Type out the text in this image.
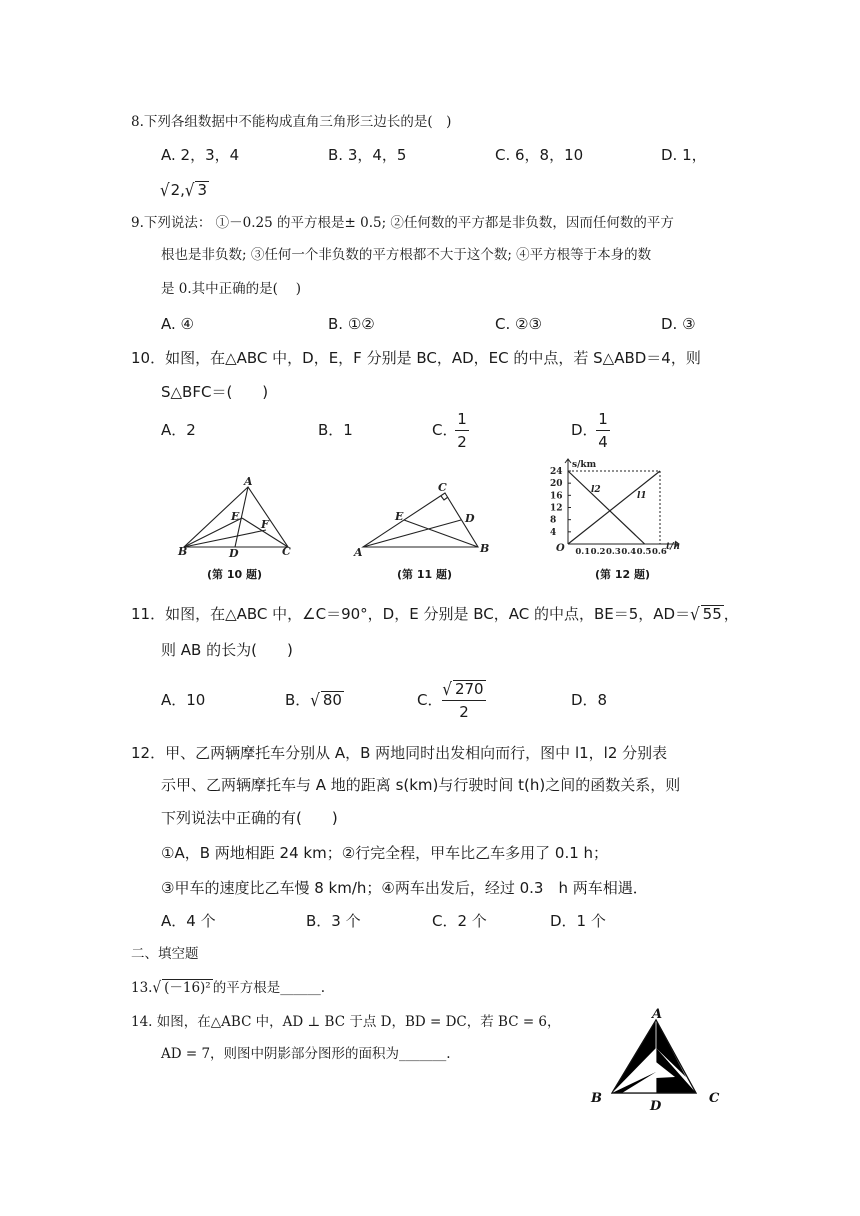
8.下列各组数据中不能构成直角三角形三边长的是(　)
A. 2，3，4	B. 3，4，5	C. 6，8，10	D. 1，
√2,√ 3
9.下列说法： ①－0.25 的平方根是± 0.5; ②任何数的平方都是非负数，因而任何数的平方
根也是非负数; ③任何一个非负数的平方根都不大于这个数; ④平方根等于本身的数
是 0.其中正确的是(　 )
A. ④	B. ①②	C. ②③	D. ③
10．如图，在△ABC 中，D，E，F 分别是 BC，AD，EC 的中点，若 S△ABD＝4，则
S△BFC＝(　　)
A．2	B．1	C．
1
2
D．
1
4
A
B	C
D
E
F
(第 10 题)
C
A	B
D
E
(第 11 题)
24
20
16
12
8
4
0.1 0.2 0.3 0.4 0.5 0.6
s/km
t/h
O
l2
l1
(第 12 题)
11．如图，在△ABC 中，∠C＝90°，D，E 分别是 BC，AC 的中点，BE＝5，AD＝√ 55 ，
则 AB 的长为(　　)
A．10	B．√ 80	C．
√ 270
2
D．8
12．甲、乙两辆摩托车分别从 A，B 两地同时出发相向而行，图中 l1，l2 分别表
示甲、乙两辆摩托车与 A 地的距离 s(km)与行驶时间 t(h)之间的函数关系，则
下列说法中正确的有(　　)
①A，B 两地相距 24 km；②行完全程，甲车比乙车多用了 0.1 h；
③甲车的速度比乙车慢 8 km/h；④两车出发后，经过 0.3　h 两车相遇．
A．4 个	B．3 个	C．2 个	D．1 个
二、填空题
13.√ (－16)² 的平方根是______.
14. 如图，在△ABC 中，AD ⊥ BC 于点 D，BD = DC，若 BC = 6，
AD = 7，则图中阴影部分图形的面积为_______.
A
B	C
D
